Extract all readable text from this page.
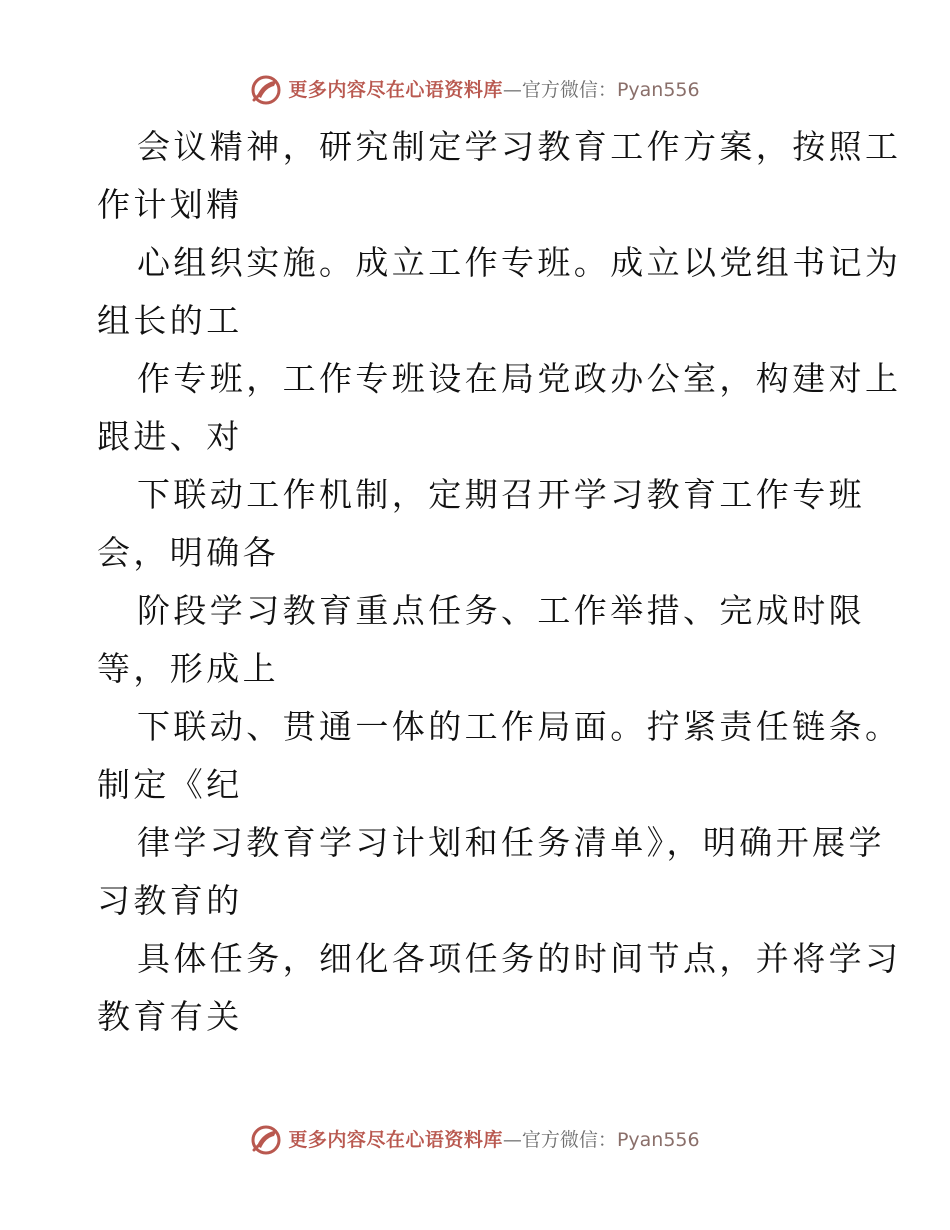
更多内容尽在心语资料库—官方微信：Pyan556

会议精神，研究制定学习教育工作方案，按照工
作计划精

心组织实施。成立工作专班。成立以党组书记为
组长的工

作专班，工作专班设在局党政办公室，构建对上
跟进、对

下联动工作机制，定期召开学习教育工作专班
会，明确各

阶段学习教育重点任务、工作举措、完成时限
等，形成上

下联动、贯通一体的工作局面。拧紧责任链条。
制定《纪

律学习教育学习计划和任务清单》，明确开展学
习教育的

具体任务，细化各项任务的时间节点，并将学习
教育有关

更多内容尽在心语资料库—官方微信：Pyan556
